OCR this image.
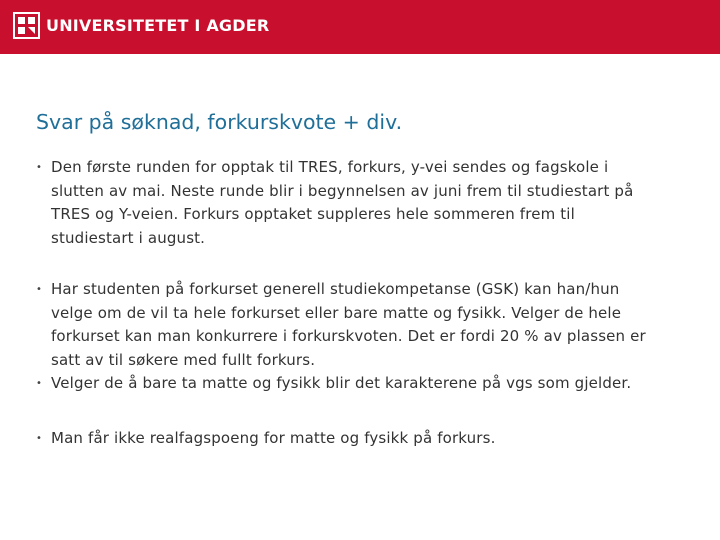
UNIVERSITETET I AGDER
Svar på søknad, forkurskvote + div.
• Den første runden for opptak til TRES, forkurs, y-vei sendes og fagskole i
slutten av mai. Neste runde blir i begynnelsen av juni frem til studiestart på
TRES og Y-veien. Forkurs opptaket suppleres hele sommeren frem til
studiestart i august.
• Har studenten på forkurset generell studiekompetanse (GSK) kan han/hun
velge om de vil ta hele forkurset eller bare matte og fysikk. Velger de hele
forkurset kan man konkurrere i forkurskvoten. Det er fordi 20 % av plassen er
satt av til søkere med fullt forkurs.
• Velger de å bare ta matte og fysikk blir det karakterene på vgs som gjelder.
• Man får ikke realfagspoeng for matte og fysikk på forkurs.
